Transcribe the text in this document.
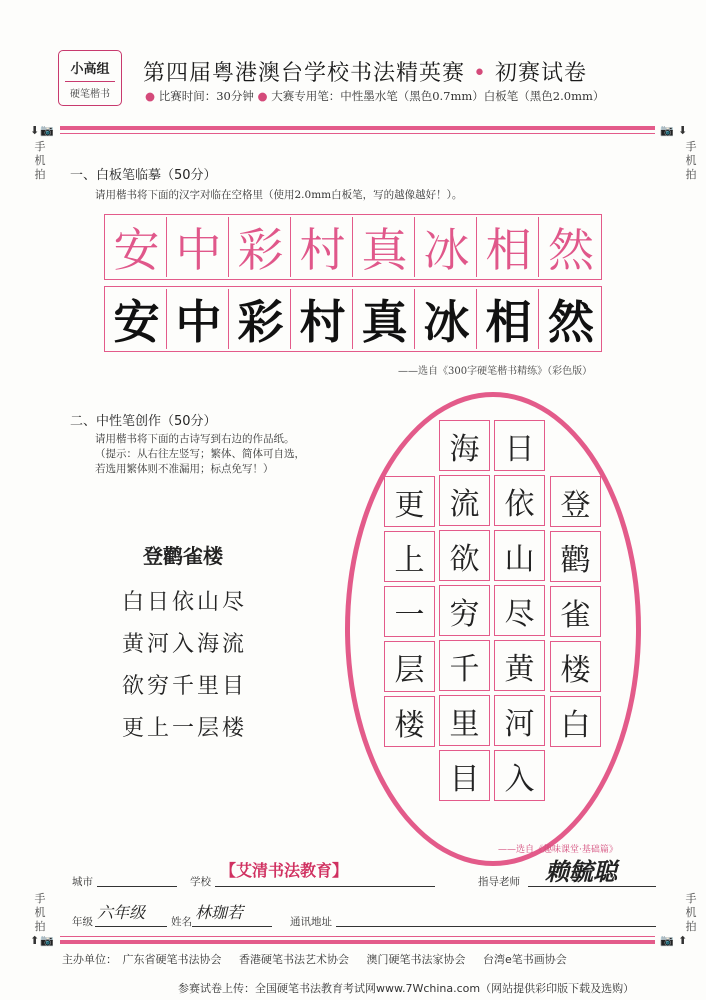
小高组
硬笔楷书
第四届粤港澳台学校书法精英赛 • 初赛试卷
● 比赛时间：30分钟 ● 大赛专用笔：中性墨水笔（黑色0.7mm）白板笔（黑色2.0mm）
⬇ 📷
手机拍
📷 ⬇
手机拍
一、白板笔临摹（50分）
请用楷书将下面的汉字对临在空格里（使用2.0mm白板笔，写的越像越好！）。
安 中 彩 村 真 冰 相 然
安 中 彩 村 真 冰 相 然
——选自《300字硬笔楷书精练》（彩色版）
二、中性笔创作（50分）
请用楷书将下面的古诗写到右边的作品纸。
（提示：从右往左竖写；繁体、简体可自选，
若选用繁体则不准漏用；标点免写！）
登鹳雀楼
白日依山尽
黄河入海流
欲穷千里目
更上一层楼
登
鹳
雀
楼
白
日
依
山
尽
黄
河
入
海
流
欲
穷
千
里
目
更
上
一
层
楼
——选自《趣味课堂·基础篇》
城市	学校
【艾清书法教育】
指导老师 赖毓聪
年级 六年级 姓名 林珈若	通讯地址
手机拍
⬆ 📷
手机拍
📷 ⬆
主办单位： 广东省硬笔书法协会 香港硬笔书法艺术协会 澳门硬笔书法家协会 台湾e笔书画协会
参赛试卷上传：全国硬笔书法教育考试网www.7Wchina.com（网站提供彩印版下载及选购）
